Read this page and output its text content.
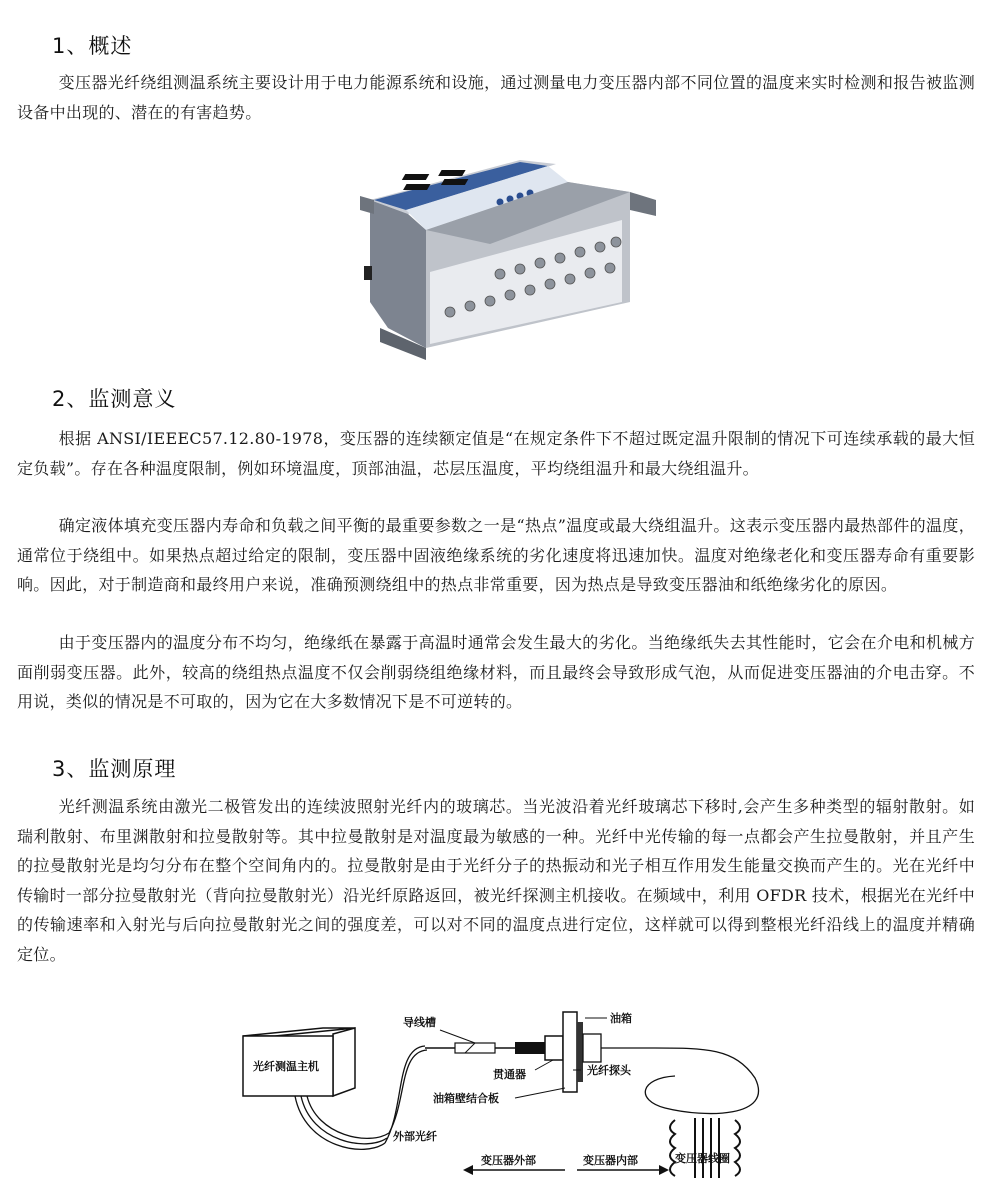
1、概述

变压器光纤绕组测温系统主要设计用于电力能源系统和设施，通过测量电力变压器内部不同位置的温度来实时检测和报告被监测设备中出现的、潜在的有害趋势。

2、监测意义

根据 ANSI/IEEEC57.12.80-1978，变压器的连续额定值是“在规定条件下不超过既定温升限制的情况下可连续承载的最大恒定负载”。存在各种温度限制，例如环境温度，顶部油温，芯层压温度，平均绕组温升和最大绕组温升。

确定液体填充变压器内寿命和负载之间平衡的最重要参数之一是“热点”温度或最大绕组温升。这表示变压器内最热部件的温度，通常位于绕组中。如果热点超过给定的限制，变压器中固液绝缘系统的劣化速度将迅速加快。温度对绝缘老化和变压器寿命有重要影响。因此，对于制造商和最终用户来说，准确预测绕组中的热点非常重要，因为热点是导致变压器油和纸绝缘劣化的原因。

由于变压器内的温度分布不均匀，绝缘纸在暴露于高温时通常会发生最大的劣化。当绝缘纸失去其性能时，它会在介电和机械方面削弱变压器。此外，较高的绕组热点温度不仅会削弱绕组绝缘材料，而且最终会导致形成气泡，从而促进变压器油的介电击穿。不用说，类似的情况是不可取的，因为它在大多数情况下是不可逆转的。

3、监测原理

光纤测温系统由激光二极管发出的连续波照射光纤内的玻璃芯。当光波沿着光纤玻璃芯下移时,会产生多种类型的辐射散射。如瑞利散射、布里渊散射和拉曼散射等。其中拉曼散射是对温度最为敏感的一种。光纤中光传输的每一点都会产生拉曼散射，并且产生的拉曼散射光是均匀分布在整个空间角内的。拉曼散射是由于光纤分子的热振动和光子相互作用发生能量交换而产生的。光在光纤中传输时一部分拉曼散射光（背向拉曼散射光）沿光纤原路返回，被光纤探测主机接收。在频域中，利用 OFDR 技术，根据光在光纤中的传输速率和入射光与后向拉曼散射光之间的强度差，可以对不同的温度点进行定位，这样就可以得到整根光纤沿线上的温度并精确定位。

光纤测温主机
导线槽
贯通器
油箱
光纤探头
油箱壁结合板
外部光纤
变压器外部	变压器内部	变压器线圈
